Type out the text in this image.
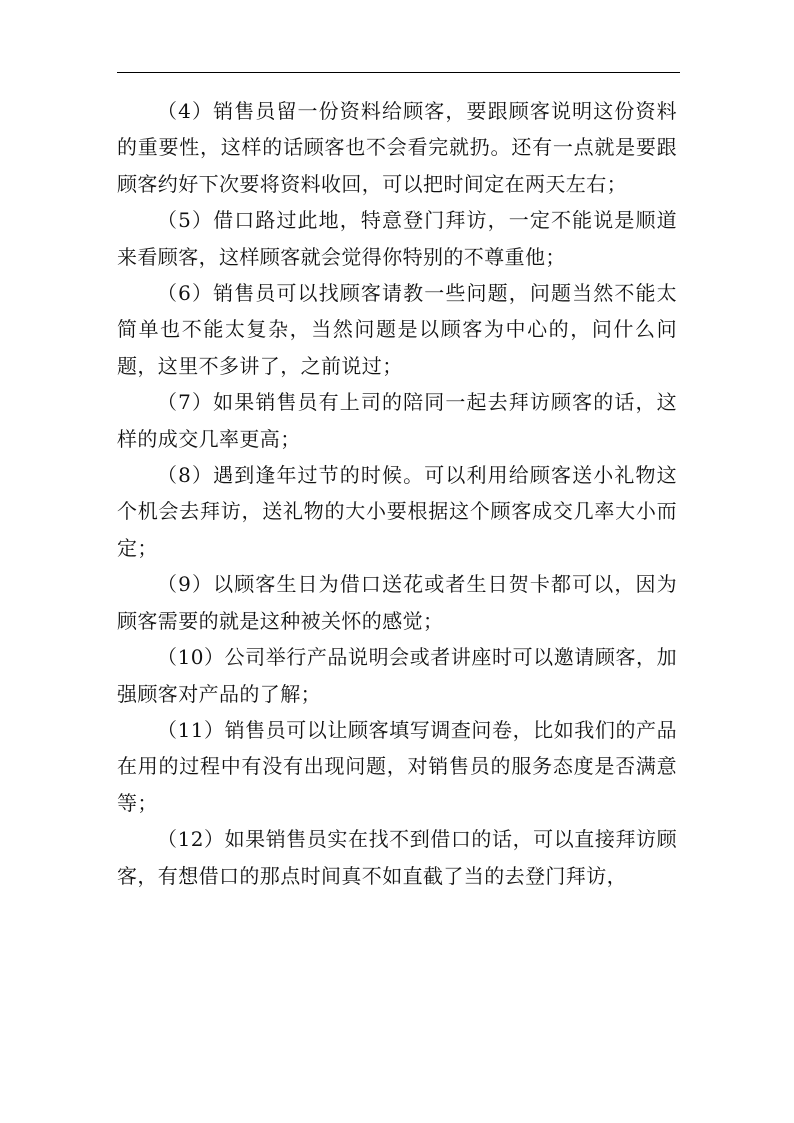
（4）销售员留一份资料给顾客，要跟顾客说明这份资料的重要性，这样的话顾客也不会看完就扔。还有一点就是要跟顾客约好下次要将资料收回，可以把时间定在两天左右；

（5）借口路过此地，特意登门拜访，一定不能说是顺道来看顾客，这样顾客就会觉得你特别的不尊重他；

（6）销售员可以找顾客请教一些问题，问题当然不能太简单也不能太复杂，当然问题是以顾客为中心的，问什么问题，这里不多讲了，之前说过；

（7）如果销售员有上司的陪同一起去拜访顾客的话，这样的成交几率更高；

（8）遇到逢年过节的时候。可以利用给顾客送小礼物这个机会去拜访，送礼物的大小要根据这个顾客成交几率大小而定；

（9）以顾客生日为借口送花或者生日贺卡都可以，因为顾客需要的就是这种被关怀的感觉；

（10）公司举行产品说明会或者讲座时可以邀请顾客，加强顾客对产品的了解；

（11）销售员可以让顾客填写调查问卷，比如我们的产品在用的过程中有没有出现问题，对销售员的服务态度是否满意等；

（12）如果销售员实在找不到借口的话，可以直接拜访顾客，有想借口的那点时间真不如直截了当的去登门拜访，
